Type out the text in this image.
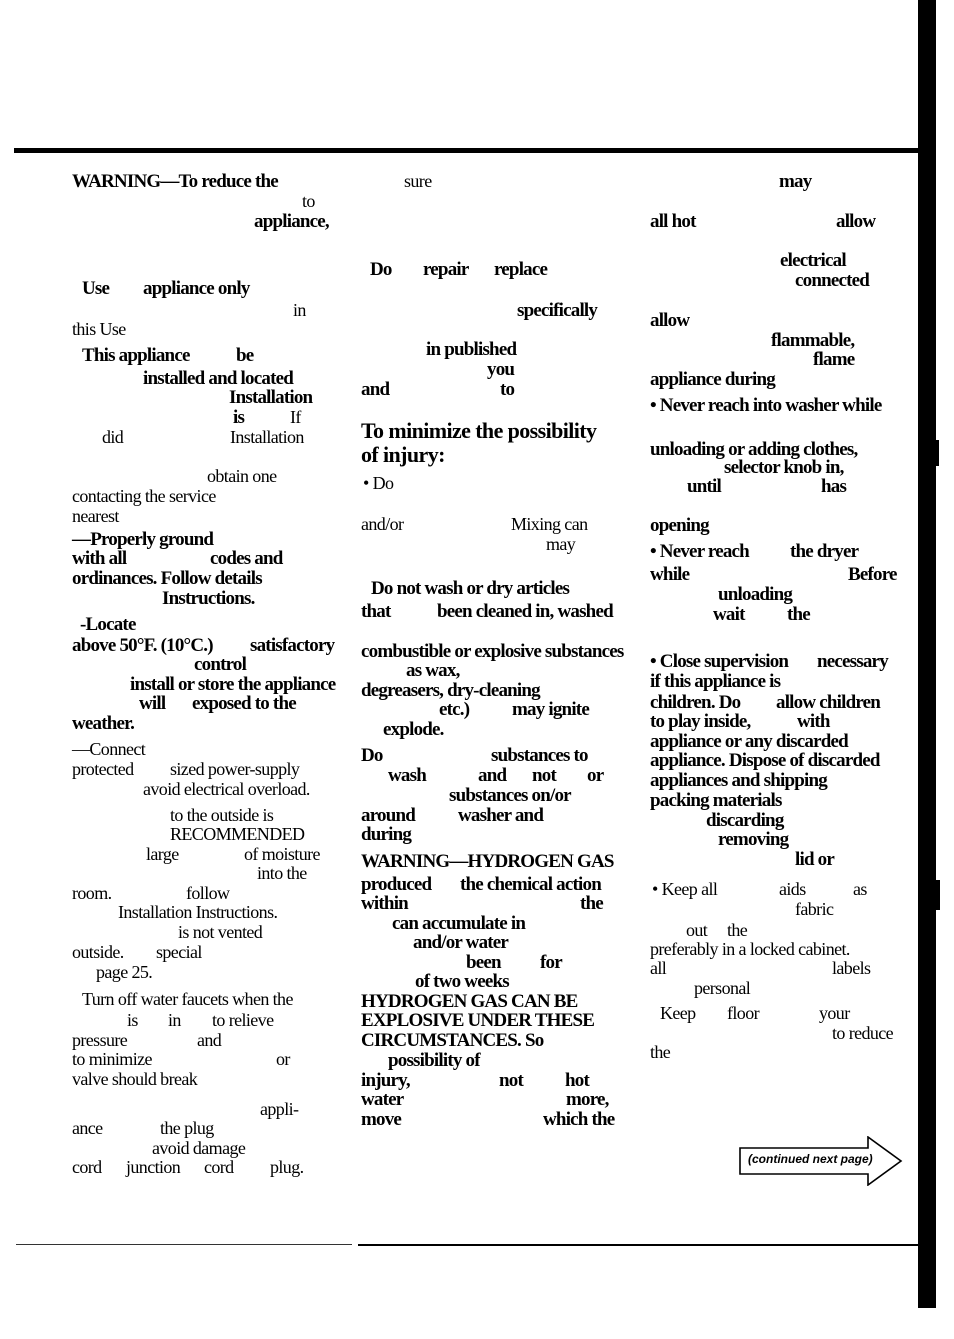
WARNING—To reduce the
to
appliance,
Use appliance only
in
this Use
This appliance be
installed and located
Installation
is	If
did	Installation
obtain one
contacting the service
nearest
—Properly ground
with all	codes and
ordinances. Follow details
Instructions.
-Locate
above 50°F. (10°C.) satisfactory
control
install or store the appliance
will exposed to the
weather.
—Connect
protected sized power-supply
avoid electrical overload.
to the outside is
RECOMMENDED
large	of moisture
into the
room.	follow
Installation Instructions.
is not vented
outside. special
page 25.
Turn off water faucets when the
is in to relieve
pressure	and
to minimize	or
valve should break
appli-
ance	the plug
avoid damage
cord junction cord plug.
sure
Do repair replace
specifically
in published
you
and	to
To minimize the possibility
of injury:
• Do
and/or	Mixing can
may
Do not wash or dry articles
that been cleaned in, washed
combustible or explosive substances
as wax,
degreasers, dry-cleaning
etc.) may ignite
explode.
Do	substances to
wash	and not or
substances on/or
around washer and
during
WARNING—HYDROGEN GAS
produced the chemical action
within	the
can accumulate in
and/or water
been for
of two weeks
HYDROGEN GAS CAN BE
EXPLOSIVE UNDER THESE
CIRCUMSTANCES. So
possibility of
injury,	not hot
water	more,
move	which the
may
all hot	allow
electrical
connected
allow
flammable,
flame
appliance during
• Never reach into washer while
unloading or adding clothes,
selector knob in,
until	has
opening
• Never reach the dryer
while	Before
unloading
wait the
• Close supervision necessary
if this appliance is
children. Do allow children
to play inside, with
appliance or any discarded
appliance. Dispose of discarded
appliances and shipping
packing materials
discarding
removing
lid or
• Keep all	aids	as
fabric
out the
preferably in a locked cabinet.
all	labels
personal
Keep floor	your
to reduce
the
(continued next page)
